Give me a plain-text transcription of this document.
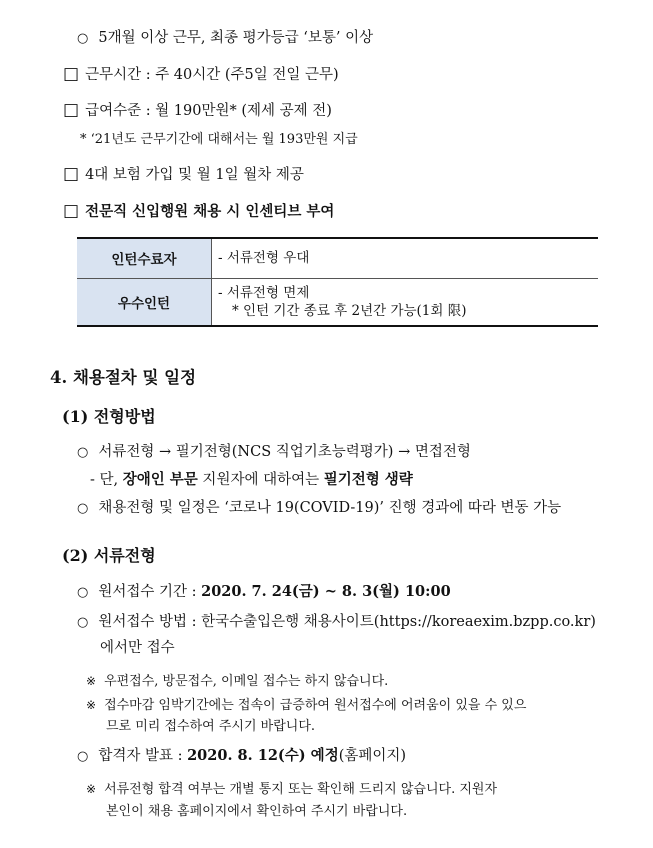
○ 5개월 이상 근무, 최종 평가등급 ‘보통’ 이상
□ 근무시간 : 주 40시간 (주5일 전일 근무)
□ 급여수준 : 월 190만원* (제세 공제 전)
* ‘21년도 근무기간에 대해서는 월 193만원 지급
□ 4대 보험 가입 및 월 1일 월차 제공
□ 전문직 신입행원 채용 시 인센티브 부여
인턴수료자	- 서류전형 우대
우수인턴	- 서류전형 면제
* 인턴 기간 종료 후 2년간 가능(1회 限)
4. 채용절차 및 일정
(1) 전형방법
○ 서류전형 → 필기전형(NCS 직업기초능력평가) → 면접전형
- 단, 장애인 부문 지원자에 대하여는 필기전형 생략
○ 채용전형 및 일정은 ‘코로나 19(COVID-19)’ 진행 경과에 따라 변동 가능
(2) 서류전형
○ 원서접수 기간 : 2020. 7. 24(금) ~ 8. 3(월) 10:00
○ 원서접수 방법 : 한국수출입은행 채용사이트(https://koreaexim.bzpp.co.kr)
에서만 접수
※ 우편접수, 방문접수, 이메일 접수는 하지 않습니다.
※ 접수마감 임박기간에는 접속이 급증하여 원서접수에 어려움이 있을 수 있으
므로 미리 접수하여 주시기 바랍니다.
○ 합격자 발표 : 2020. 8. 12(수) 예정(홈페이지)
※ 서류전형 합격 여부는 개별 통지 또는 확인해 드리지 않습니다. 지원자
본인이 채용 홈페이지에서 확인하여 주시기 바랍니다.
